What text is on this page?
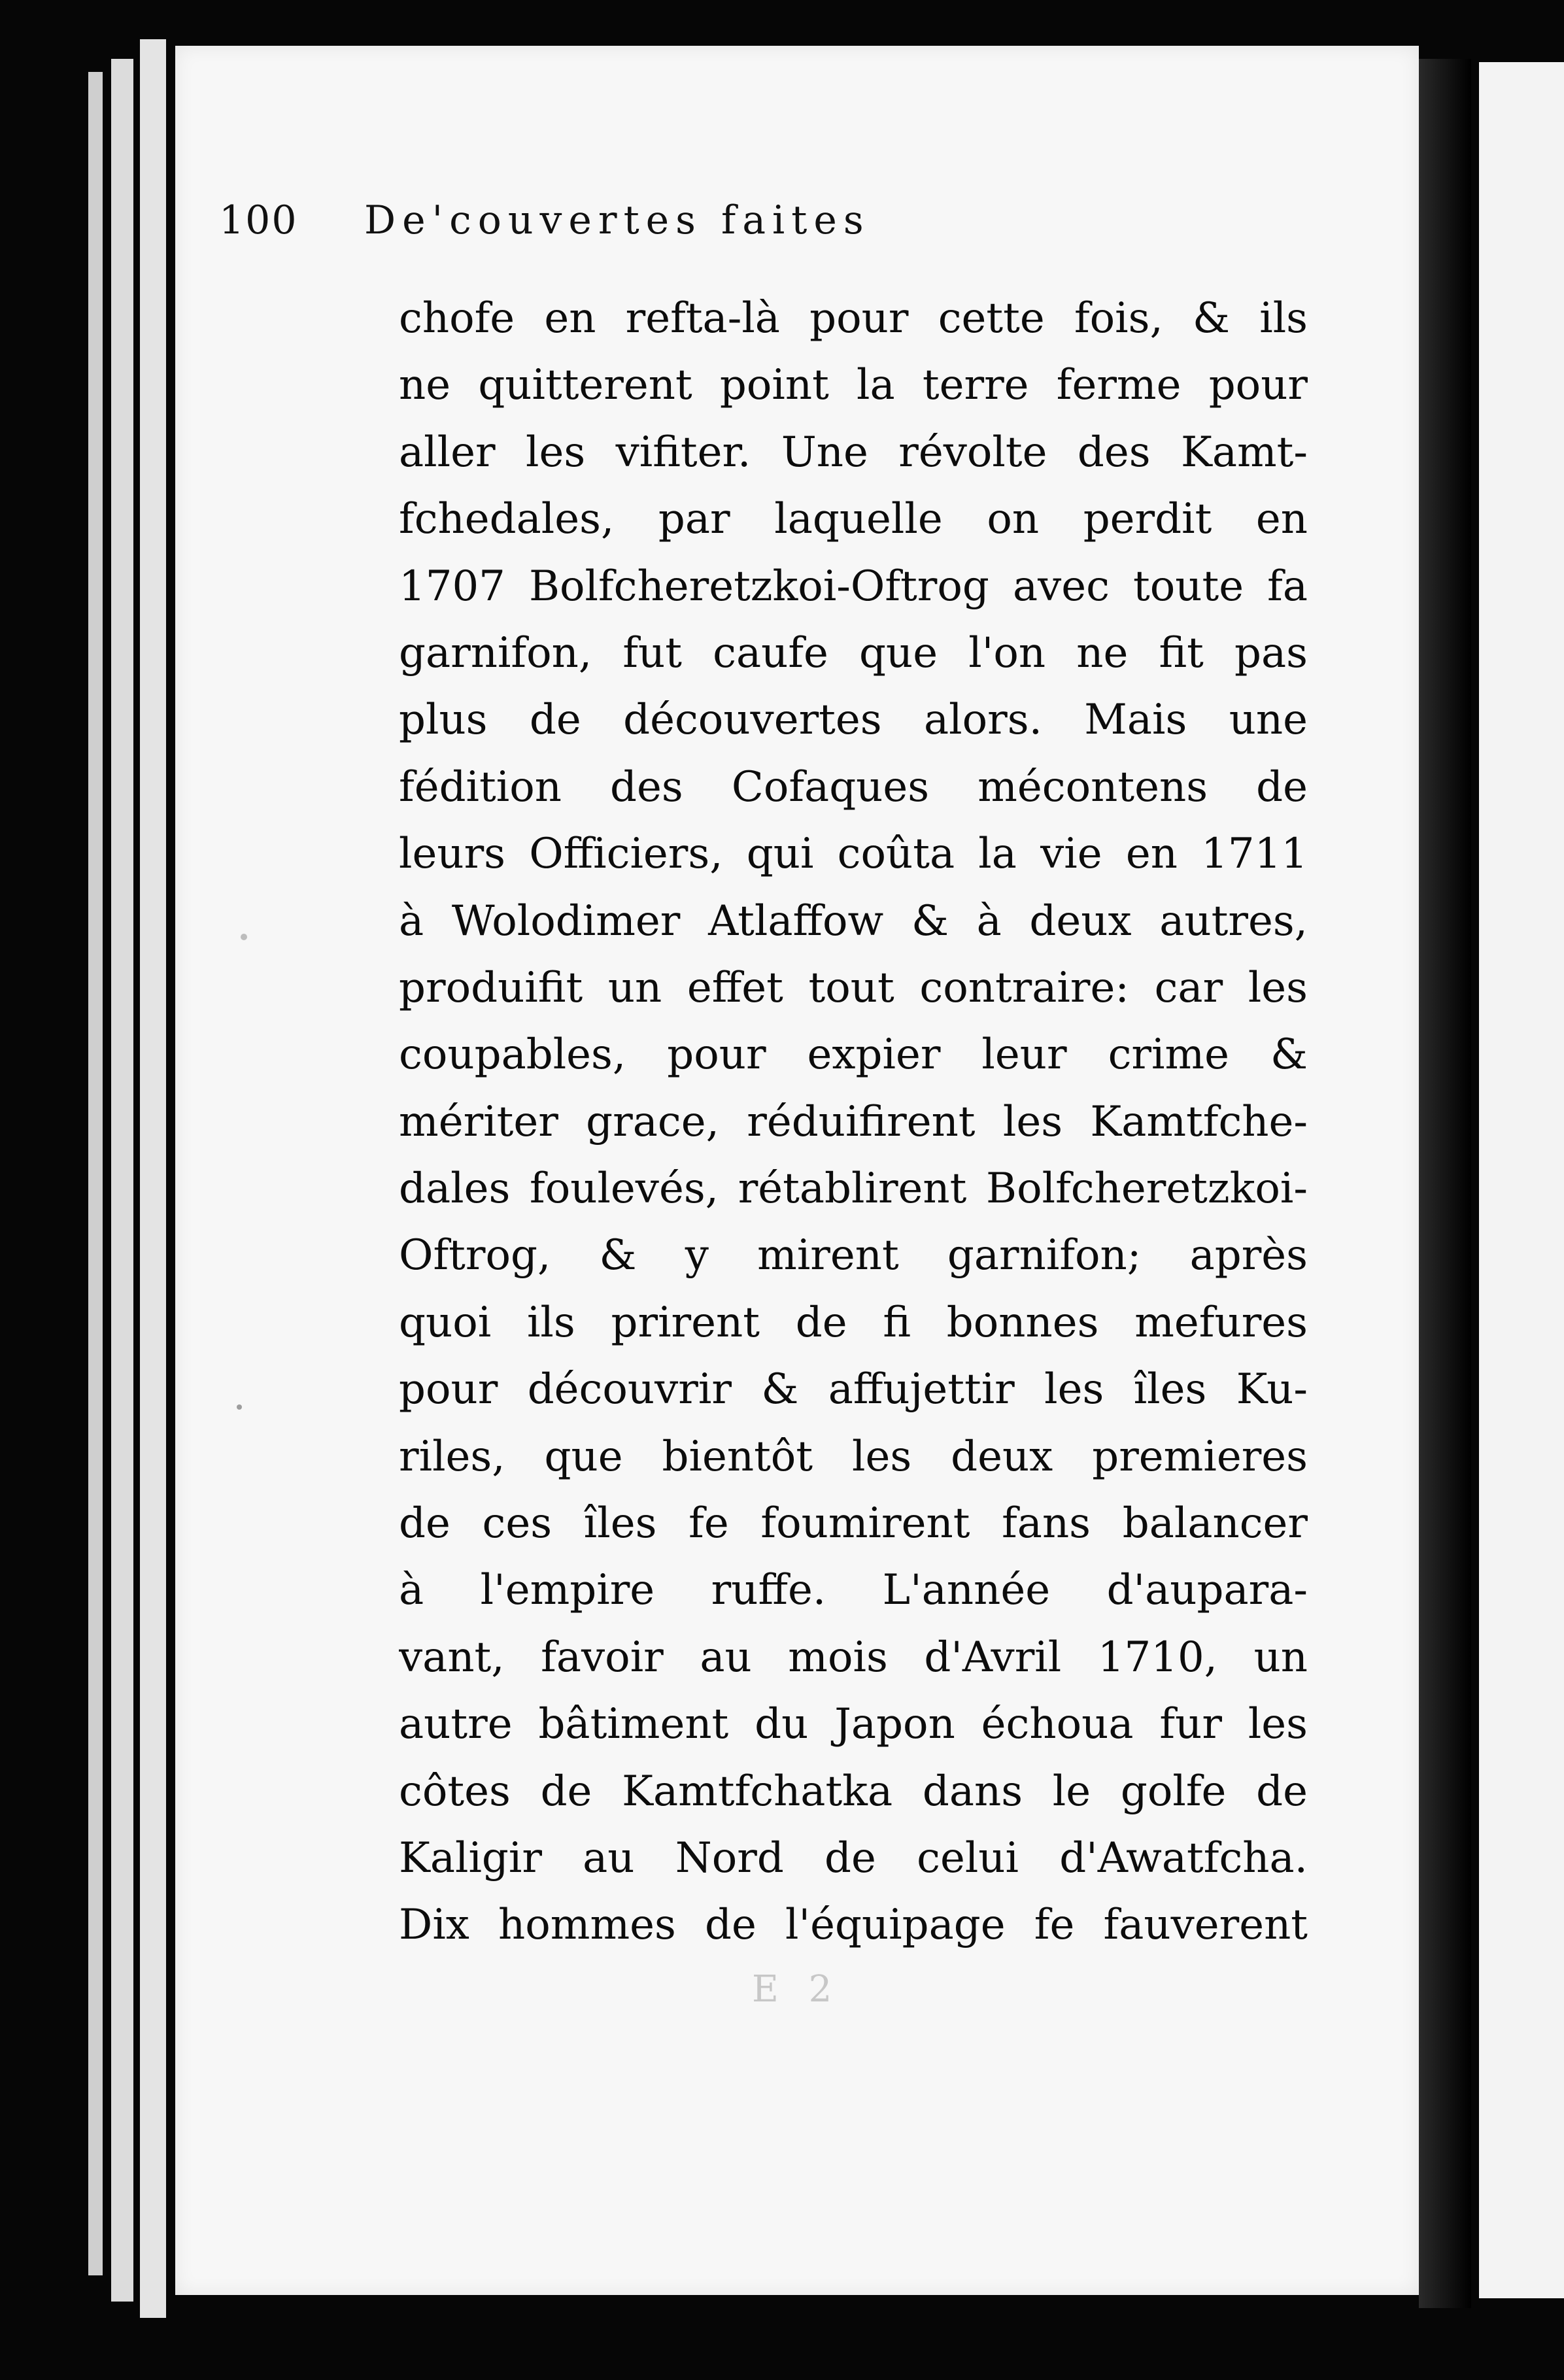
100 De'couvertes faites
chofe en refta-là pour cette fois, & ils
ne quitterent point la terre ferme pour
aller les vifiter. Une révolte des Kamt-
fchedales, par laquelle on perdit en
1707 Bolfcheretzkoi-Oftrog avec toute fa
garnifon, fut caufe que l'on ne fit pas
plus de découvertes alors. Mais une
fédition des Cofaques mécontens de
leurs Officiers, qui coûta la vie en 1711
à Wolodimer Atlaffow & à deux autres,
produifit un effet tout contraire: car les
coupables, pour expier leur crime &
mériter grace, réduifirent les Kamtfche-
dales foulevés, rétablirent Bolfcheretzkoi-
Oftrog, & y mirent garnifon; après
quoi ils prirent de fi bonnes mefures
pour découvrir & affujettir les îles Ku-
riles, que bientôt les deux premieres
de ces îles fe foumirent fans balancer
à l'empire ruffe. L'année d'aupara-
vant, favoir au mois d'Avril 1710, un
autre bâtiment du Japon échoua fur les
côtes de Kamtfchatka dans le golfe de
Kaligir au Nord de celui d'Awatfcha.
Dix hommes de l'équipage fe fauverent
E 2
